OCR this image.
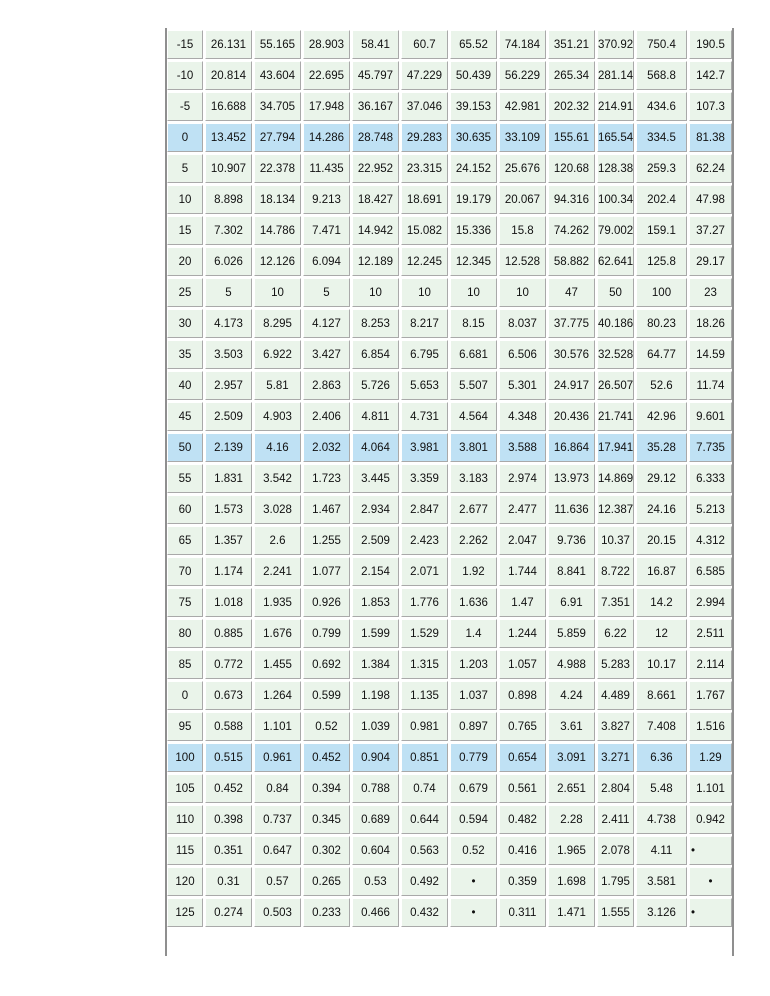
-15	26.131	55.165	28.903	58.41	60.7	65.52	74.184	351.21	370.92	750.4	190.5
-10	20.814	43.604	22.695	45.797	47.229	50.439	56.229	265.34	281.14	568.8	142.7
-5	16.688	34.705	17.948	36.167	37.046	39.153	42.981	202.32	214.91	434.6	107.3
0	13.452	27.794	14.286	28.748	29.283	30.635	33.109	155.61	165.54	334.5	81.38
5	10.907	22.378	11.435	22.952	23.315	24.152	25.676	120.68	128.38	259.3	62.24
10	8.898	18.134	9.213	18.427	18.691	19.179	20.067	94.316	100.34	202.4	47.98
15	7.302	14.786	7.471	14.942	15.082	15.336	15.8	74.262	79.002	159.1	37.27
20	6.026	12.126	6.094	12.189	12.245	12.345	12.528	58.882	62.641	125.8	29.17
25	5	10	5	10	10	10	10	47	50	100	23
30	4.173	8.295	4.127	8.253	8.217	8.15	8.037	37.775	40.186	80.23	18.26
35	3.503	6.922	3.427	6.854	6.795	6.681	6.506	30.576	32.528	64.77	14.59
40	2.957	5.81	2.863	5.726	5.653	5.507	5.301	24.917	26.507	52.6	11.74
45	2.509	4.903	2.406	4.811	4.731	4.564	4.348	20.436	21.741	42.96	9.601
50	2.139	4.16	2.032	4.064	3.981	3.801	3.588	16.864	17.941	35.28	7.735
55	1.831	3.542	1.723	3.445	3.359	3.183	2.974	13.973	14.869	29.12	6.333
60	1.573	3.028	1.467	2.934	2.847	2.677	2.477	11.636	12.387	24.16	5.213
65	1.357	2.6	1.255	2.509	2.423	2.262	2.047	9.736	10.37	20.15	4.312
70	1.174	2.241	1.077	2.154	2.071	1.92	1.744	8.841	8.722	16.87	6.585
75	1.018	1.935	0.926	1.853	1.776	1.636	1.47	6.91	7.351	14.2	2.994
80	0.885	1.676	0.799	1.599	1.529	1.4	1.244	5.859	6.22	12	2.511
85	0.772	1.455	0.692	1.384	1.315	1.203	1.057	4.988	5.283	10.17	2.114
0	0.673	1.264	0.599	1.198	1.135	1.037	0.898	4.24	4.489	8.661	1.767
95	0.588	1.101	0.52	1.039	0.981	0.897	0.765	3.61	3.827	7.408	1.516
100	0.515	0.961	0.452	0.904	0.851	0.779	0.654	3.091	3.271	6.36	1.29
105	0.452	0.84	0.394	0.788	0.74	0.679	0.561	2.651	2.804	5.48	1.101
110	0.398	0.737	0.345	0.689	0.644	0.594	0.482	2.28	2.411	4.738	0.942
115	0.351	0.647	0.302	0.604	0.563	0.52	0.416	1.965	2.078	4.11	•
120	0.31	0.57	0.265	0.53	0.492	•	0.359	1.698	1.795	3.581	•
125	0.274	0.503	0.233	0.466	0.432	•	0.311	1.471	1.555	3.126	•
